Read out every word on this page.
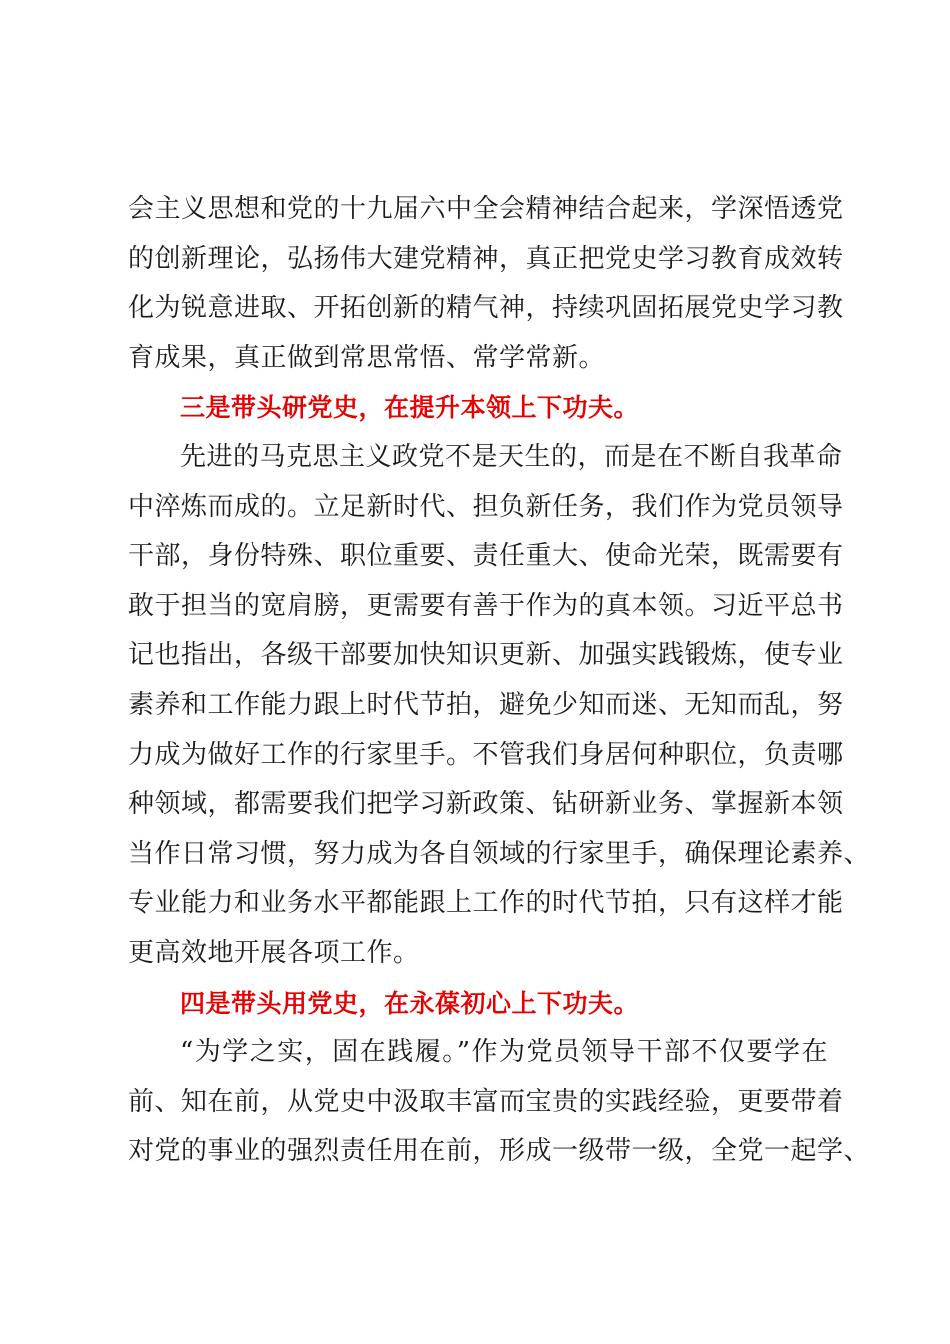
会主义思想和党的十九届六中全会精神结合起来，学深悟透党
的创新理论，弘扬伟大建党精神，真正把党史学习教育成效转
化为锐意进取、开拓创新的精气神，持续巩固拓展党史学习教
育成果，真正做到常思常悟、常学常新。
三是带头研党史，在提升本领上下功夫。
先进的马克思主义政党不是天生的，而是在不断自我革命
中淬炼而成的。立足新时代、担负新任务，我们作为党员领导
干部，身份特殊、职位重要、责任重大、使命光荣，既需要有
敢于担当的宽肩膀，更需要有善于作为的真本领。习近平总书
记也指出，各级干部要加快知识更新、加强实践锻炼，使专业
素养和工作能力跟上时代节拍，避免少知而迷、无知而乱，努
力成为做好工作的行家里手。不管我们身居何种职位，负责哪
种领域，都需要我们把学习新政策、钻研新业务、掌握新本领
当作日常习惯，努力成为各自领域的行家里手，确保理论素养、
专业能力和业务水平都能跟上工作的时代节拍，只有这样才能
更高效地开展各项工作。
四是带头用党史，在永葆初心上下功夫。
“为学之实，固在践履。”作为党员领导干部不仅要学在
前、知在前，从党史中汲取丰富而宝贵的实践经验，更要带着
对党的事业的强烈责任用在前，形成一级带一级，全党一起学、
